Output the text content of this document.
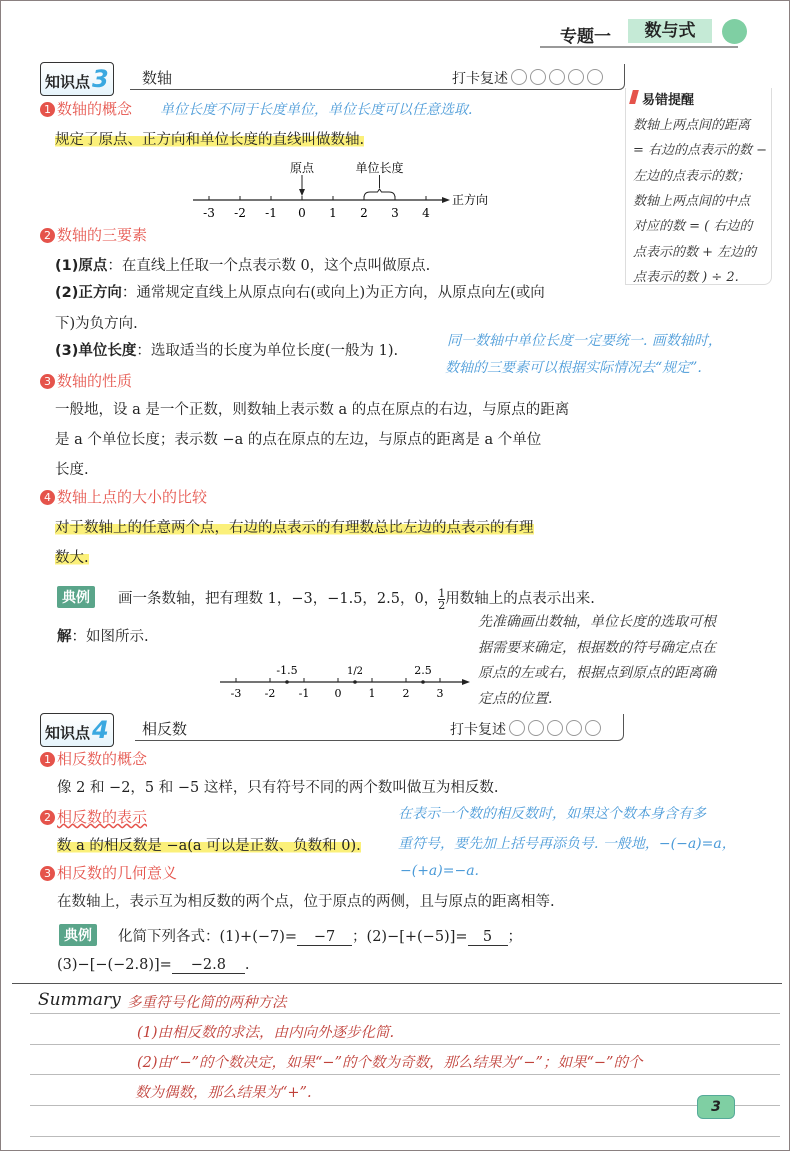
专题一	数与式
知识点3	数轴	打卡复述
1 数轴的概念 单位长度不同于长度单位，单位长度可以任意选取.
规定了原点、正方向和单位长度的直线叫做数轴.
-3 -2 -1 0 1 2 3 4
原点	单位长度
正方向
易错提醒
数轴上两点间的距离
= 右边的点表示的数 −
左边的点表示的数；
数轴上两点间的中点
对应的数 = ( 右边的
点表示的数 + 左边的
点表示的数 ) ÷ 2.
2 数轴的三要素
(1)原点：在直线上任取一个点表示数 0，这个点叫做原点.
(2)正方向：通常规定直线上从原点向右(或向上)为正方向，从原点向左(或向
下)为负方向.
(3)单位长度：选取适当的长度为单位长度(一般为 1).
同一数轴中单位长度一定要统一. 画数轴时，
数轴的三要素可以根据实际情况去“规定”.
3 数轴的性质
一般地，设 a 是一个正数，则数轴上表示数 a 的点在原点的右边，与原点的距离
是 a 个单位长度；表示数 −a 的点在原点的左边，与原点的距离是 a 个单位
长度.
4 数轴上点的大小的比较
对于数轴上的任意两个点，右边的点表示的有理数总比左边的点表示的有理
数大.
典例	画一条数轴，把有理数 1，−3，−1.5，2.5，0，$\frac{1}{2}$用数轴上的点表示出来.
解：如图所示.
先准确画出数轴，单位长度的选取可根
据需要来确定，根据数的符号确定点在
原点的左或右，根据点到原点的距离确
定点的位置.
-3 -2 -1 0 1 2 3
-1.5	1/2	2.5
知识点4	相反数	打卡复述
1 相反数的概念
像 2 和 −2，5 和 −5 这样，只有符号不同的两个数叫做互为相反数.
2 相反数的表示
数 a 的相反数是 −a(a 可以是正数、负数和 0).
在表示一个数的相反数时，如果这个数本身含有多
重符号，要先加上括号再添负号. 一般地，−(−a)=a，
−(+a)=−a.
3 相反数的几何意义
在数轴上，表示互为相反数的两个点，位于原点的两侧，且与原点的距离相等.
典例	化简下列各式：(1)+(−7)= −7 ；(2)−[+(−5)]= 5 ；
(3)−[−(−2.8)]= −2.8 .
Summary 多重符号化简的两种方法
(1)由相反数的求法，由内向外逐步化简.
(2)由“−”的个数决定，如果“−”的个数为奇数，那么结果为“−”；如果“−”的个
数为偶数，那么结果为“+”.
3
